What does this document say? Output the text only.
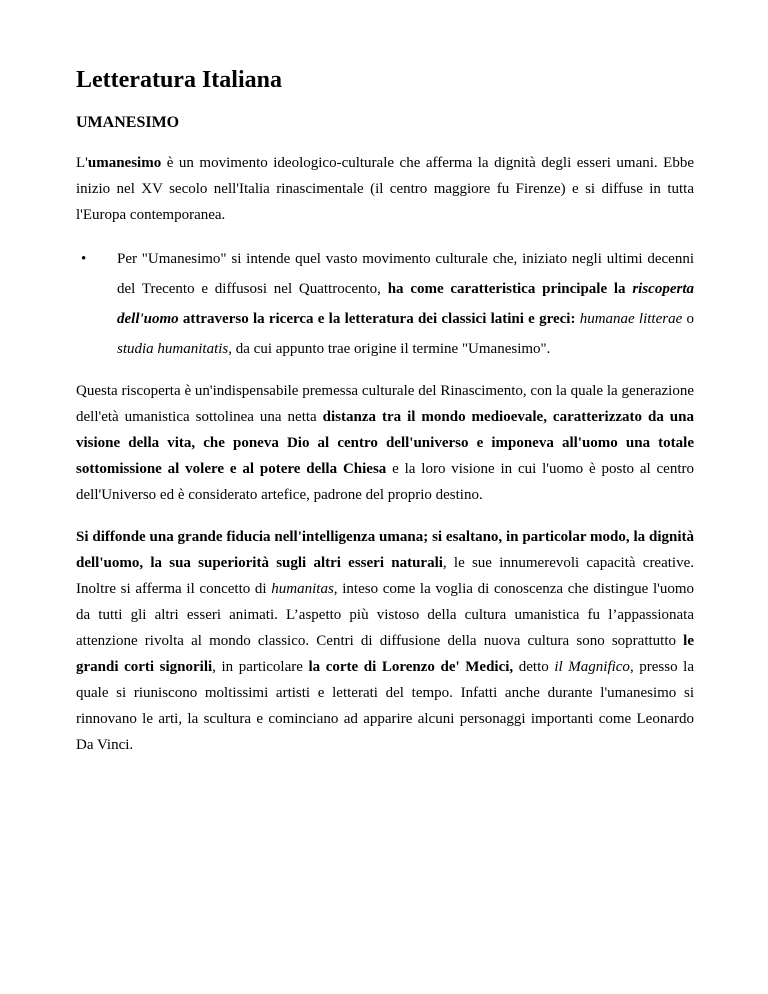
Letteratura Italiana
UMANESIMO

L'umanesimo è un movimento ideologico-culturale che afferma la dignità degli esseri umani. Ebbe inizio nel XV secolo nell'Italia rinascimentale (il centro maggiore fu Firenze) e si diffuse in tutta l'Europa contemporanea.

• Per "Umanesimo" si intende quel vasto movimento culturale che, iniziato negli ultimi decenni del Trecento e diffusosi nel Quattrocento, ha come caratteristica principale la riscoperta dell'uomo attraverso la ricerca e la letteratura dei classici latini e greci: humanae litterae o studia humanitatis, da cui appunto trae origine il termine "Umanesimo".

Questa riscoperta è un'indispensabile premessa culturale del Rinascimento, con la quale la generazione dell'età umanistica sottolinea una netta distanza tra il mondo medioevale, caratterizzato da una visione della vita, che poneva Dio al centro dell'universo e imponeva all'uomo una totale sottomissione al volere e al potere della Chiesa e la loro visione in cui l'uomo è posto al centro dell'Universo ed è considerato artefice, padrone del proprio destino.

Si diffonde una grande fiducia nell'intelligenza umana; si esaltano, in particolar modo, la dignità dell'uomo, la sua superiorità sugli altri esseri naturali, le sue innumerevoli capacità creative. Inoltre si afferma il concetto di humanitas, inteso come la voglia di conoscenza che distingue l'uomo da tutti gli altri esseri animati. L’aspetto più vistoso della cultura umanistica fu l’appassionata attenzione rivolta al mondo classico. Centri di diffusione della nuova cultura sono soprattutto le grandi corti signorili, in particolare la corte di Lorenzo de' Medici, detto il Magnifico, presso la quale si riuniscono moltissimi artisti e letterati del tempo. Infatti anche durante l'umanesimo si rinnovano le arti, la scultura e cominciano ad apparire alcuni personaggi importanti come Leonardo Da Vinci.
